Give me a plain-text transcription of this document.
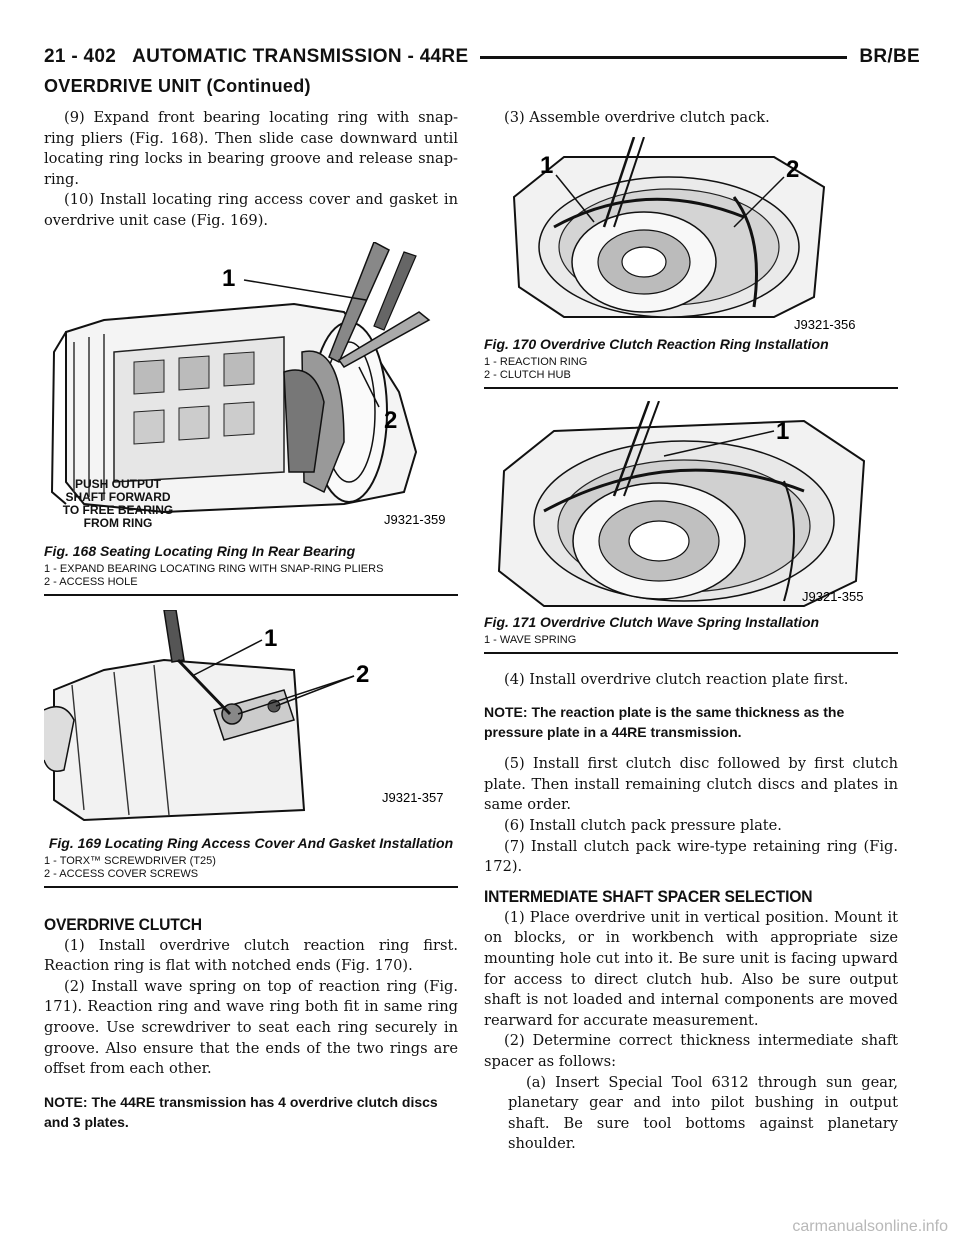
21 - 402 AUTOMATIC TRANSMISSION - 44RE	BR/BE
OVERDRIVE UNIT (Continued)

(9) Expand front bearing locating ring with snap-ring pliers (Fig. 168). Then slide case downward until locating ring locks in bearing groove and release snap-ring.

(10) Install locating ring access cover and gasket in overdrive unit case (Fig. 169).

1
2
J9321-359
PUSH OUTPUT
SHAFT FORWARD
TO FREE BEARING
FROM RING
Fig. 168 Seating Locating Ring In Rear Bearing
1 - EXPAND BEARING LOCATING RING WITH SNAP-RING PLIERS
2 - ACCESS HOLE
1
2
J9321-357
Fig. 169 Locating Ring Access Cover And Gasket Installation
1 - TORX™ SCREWDRIVER (T25)
2 - ACCESS COVER SCREWS
OVERDRIVE CLUTCH

(1) Install overdrive clutch reaction ring first. Reaction ring is flat with notched ends (Fig. 170).

(2) Install wave spring on top of reaction ring (Fig. 171). Reaction ring and wave ring both fit in same ring groove. Use screwdriver to seat each ring securely in groove. Also ensure that the ends of the two rings are offset from each other.

NOTE: The 44RE transmission has 4 overdrive clutch discs and 3 plates.

(3) Assemble overdrive clutch pack.

1	2
J9321-356
Fig. 170 Overdrive Clutch Reaction Ring Installation
1 - REACTION RING
2 - CLUTCH HUB
1
J9321-355
Fig. 171 Overdrive Clutch Wave Spring Installation
1 - WAVE SPRING

(4) Install overdrive clutch reaction plate first.

NOTE: The reaction plate is the same thickness as the pressure plate in a 44RE transmission.

(5) Install first clutch disc followed by first clutch plate. Then install remaining clutch discs and plates in same order.

(6) Install clutch pack pressure plate.

(7) Install clutch pack wire-type retaining ring (Fig. 172).

INTERMEDIATE SHAFT SPACER SELECTION

(1) Place overdrive unit in vertical position. Mount it on blocks, or in workbench with appropriate size mounting hole cut into it. Be sure unit is facing upward for access to direct clutch hub. Also be sure output shaft is not loaded and internal components are moved rearward for accurate measurement.

(2) Determine correct thickness intermediate shaft spacer as follows:

(a) Insert Special Tool 6312 through sun gear, planetary gear and into pilot bushing in output shaft. Be sure tool bottoms against planetary shoulder.

carmanualsonline.info
